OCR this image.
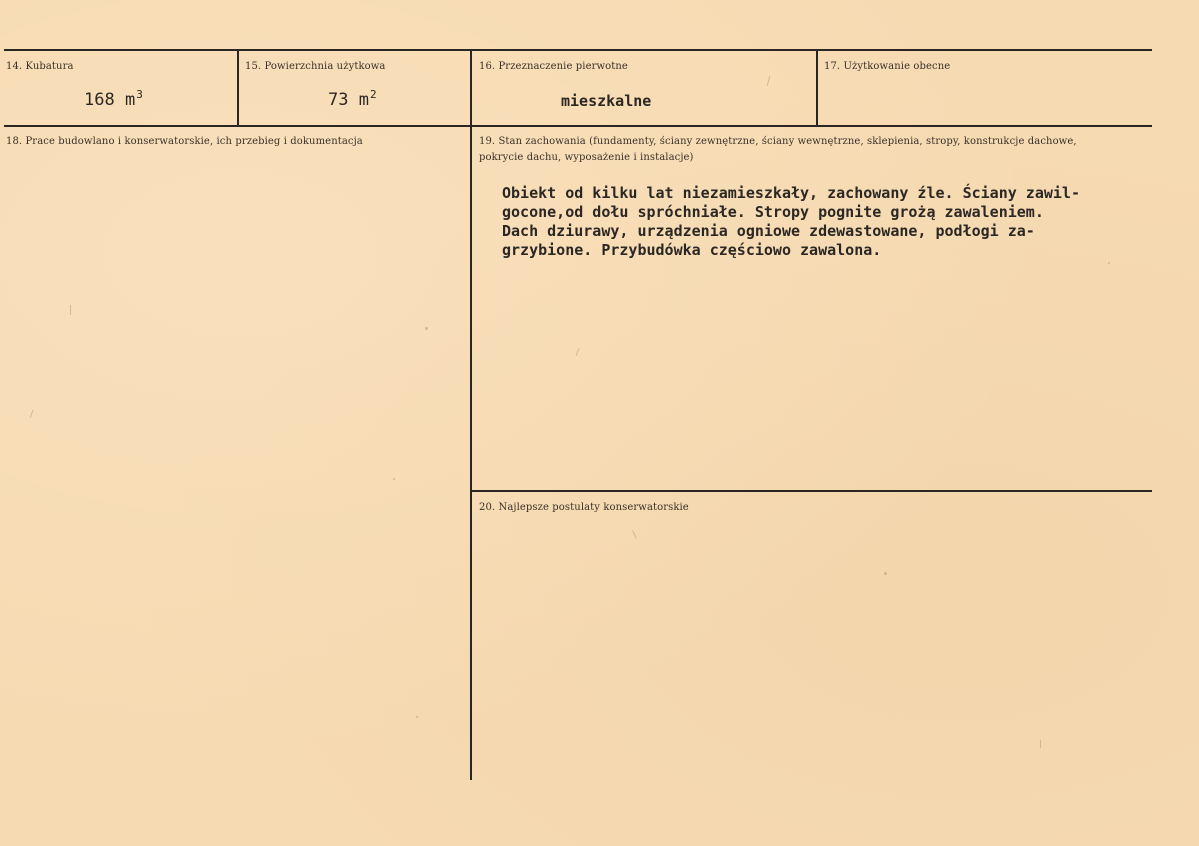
14. Kubatura
168 $m^3$
15. Powierzchnia użytkowa
73 $m^2$
16. Przeznaczenie pierwotne
mieszkalne
17. Użytkowanie obecne
18. Prace budowlano i konserwatorskie, ich przebieg i dokumentacja	19. Stan zachowania (fundamenty, ściany zewnętrzne, ściany wewnętrzne, sklepienia, stropy, konstrukcje dachowe, pokrycie dachu, wyposażenie i instalacje)
Obiekt od kilku lat niezamieszkały, zachowany źle. Ściany zawil-
gocone,od dołu spróchniałe. Stropy pognite grożą zawaleniem.
Dach dziurawy, urządzenia ogniowe zdewastowane, podłogi za-
grzybione. Przybudówka częściowo zawalona.
20. Najlepsze postulaty konserwatorskie
